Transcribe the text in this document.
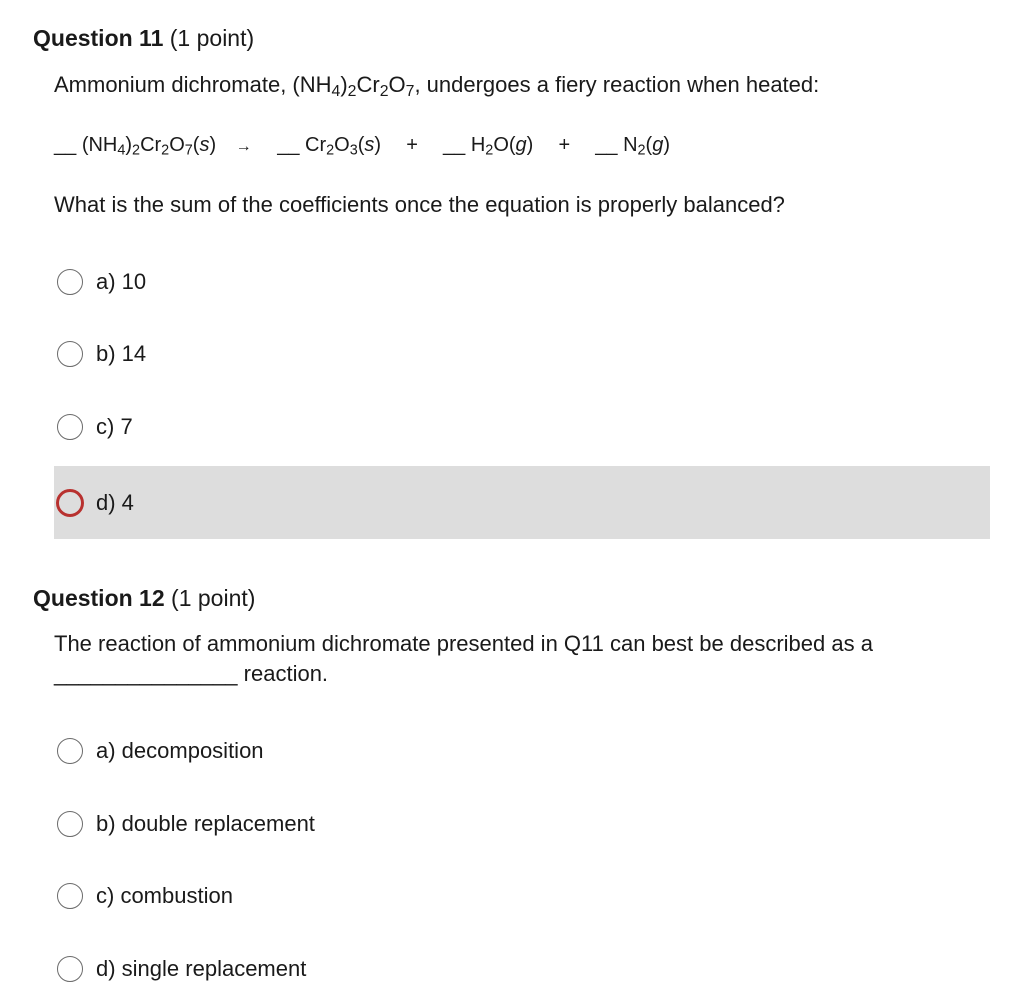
Question 11 (1 point)
Ammonium dichromate, $(NH_4)_2Cr_2O_7$, undergoes a fiery reaction when heated:
__ $(NH_4)_2Cr_2O_7(s)$ → __ $Cr_2O_3(s)$ + __ $H_2O(g)$ + __ $N_2(g)$
What is the sum of the coefficients once the equation is properly balanced?
a) 10
b) 14
c) 7
d) 4
Question 12 (1 point)
The reaction of ammonium dichromate presented in Q11 can best be described as a
_______________ reaction.
a) decomposition
b) double replacement
c) combustion
d) single replacement
